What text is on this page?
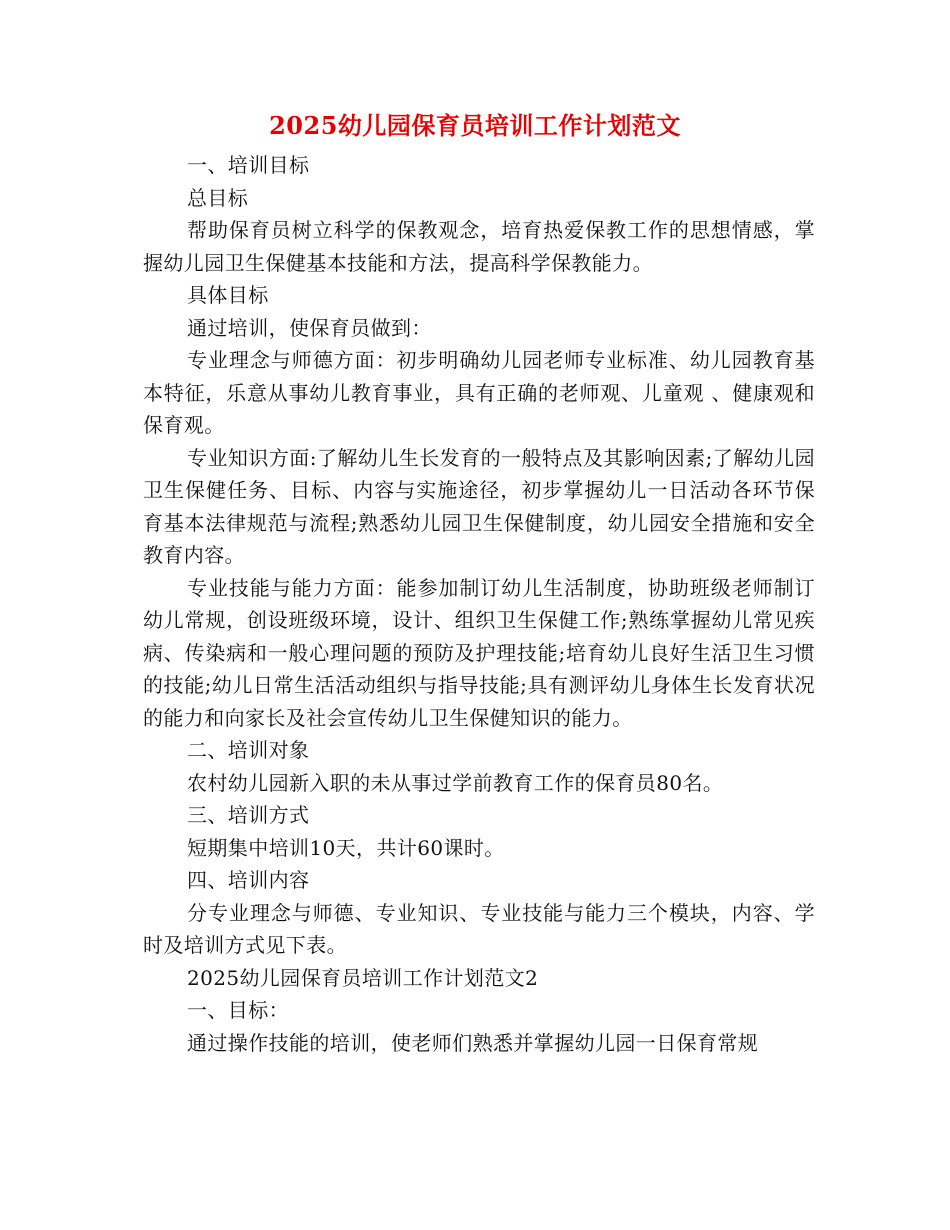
2025幼儿园保育员培训工作计划范文

一、培训目标

总目标

帮助保育员树立科学的保教观念，培育热爱保教工作的思想情感，掌握幼儿园卫生保健基本技能和方法，提高科学保教能力。

具体目标

通过培训，使保育员做到：

专业理念与师德方面：初步明确幼儿园老师专业标准、幼儿园教育基本特征，乐意从事幼儿教育事业，具有正确的老师观、儿童观 、健康观和保育观。

专业知识方面:了解幼儿生长发育的一般特点及其影响因素;了解幼儿园卫生保健任务、目标、内容与实施途径，初步掌握幼儿一日活动各环节保育基本法律规范与流程;熟悉幼儿园卫生保健制度，幼儿园安全措施和安全教育内容。

专业技能与能力方面：能参加制订幼儿生活制度，协助班级老师制订幼儿常规，创设班级环境，设计、组织卫生保健工作;熟练掌握幼儿常见疾病、传染病和一般心理问题的预防及护理技能;培育幼儿良好生活卫生习惯的技能;幼儿日常生活活动组织与指导技能;具有测评幼儿身体生长发育状况的能力和向家长及社会宣传幼儿卫生保健知识的能力。

二、培训对象

农村幼儿园新入职的未从事过学前教育工作的保育员80名。

三、培训方式

短期集中培训10天，共计60课时。

四、培训内容

分专业理念与师德、专业知识、专业技能与能力三个模块，内容、学时及培训方式见下表。

2025幼儿园保育员培训工作计划范文2

一、目标：

通过操作技能的培训，使老师们熟悉并掌握幼儿园一日保育常规
